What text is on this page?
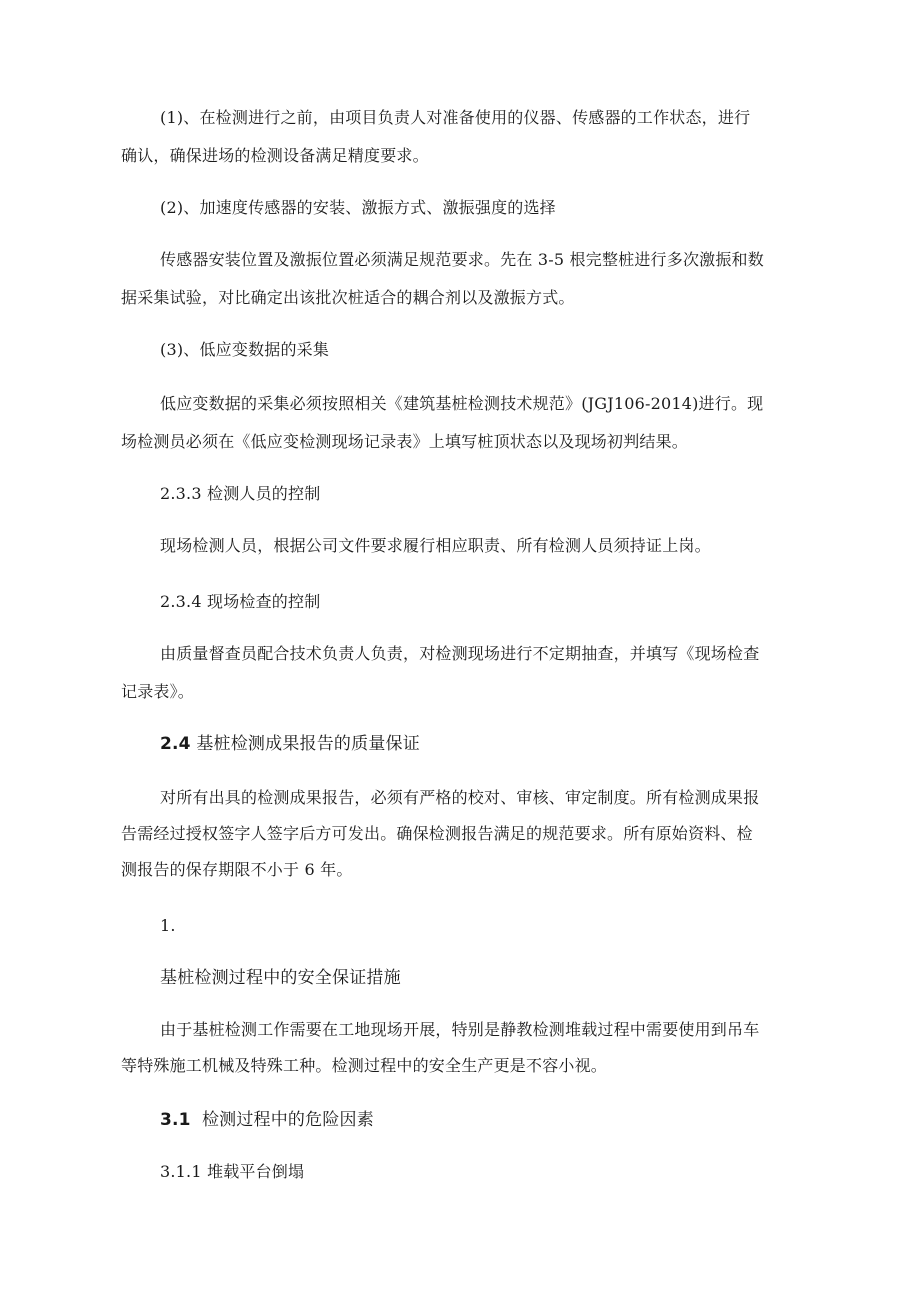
(1)、在检测进行之前，由项目负责人对准备使用的仪器、传感器的工作状态，进行
确认，确保进场的检测设备满足精度要求。
(2)、加速度传感器的安装、激振方式、激振强度的选择
传感器安装位置及激振位置必须满足规范要求。先在 3-5 根完整桩进行多次激振和数
据采集试验，对比确定出该批次桩适合的耦合剂以及激振方式。
(3)、低应变数据的采集
低应变数据的采集必须按照相关《建筑基桩检测技术规范》(JGJ106-2014)进行。现
场检测员必须在《低应变检测现场记录表》上填写桩顶状态以及现场初判结果。
2.3.3 检测人员的控制
现场检测人员，根据公司文件要求履行相应职责、所有检测人员须持证上岗。
2.3.4 现场检查的控制
由质量督查员配合技术负责人负责，对检测现场进行不定期抽查，并填写《现场检查
记录表》。
2.4 基桩检测成果报告的质量保证
对所有出具的检测成果报告，必须有严格的校对、审核、审定制度。所有检测成果报
告需经过授权签字人签字后方可发出。确保检测报告满足的规范要求。所有原始资料、检
测报告的保存期限不小于 6 年。
1.
基桩检测过程中的安全保证措施
由于基桩检测工作需要在工地现场开展，特别是静教检测堆载过程中需要使用到吊车
等特殊施工机械及特殊工种。检测过程中的安全生产更是不容小视。
3.1 检测过程中的危险因素
3.1.1 堆载平台倒塌
